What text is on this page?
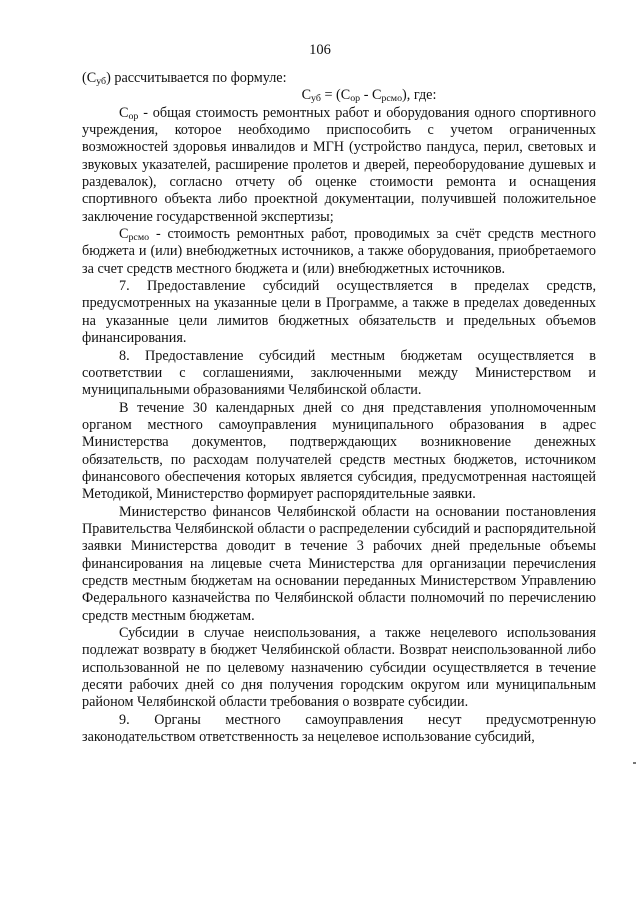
106

$(С_{уб})$ рассчитывается по формуле:

$С_{уб} = (С_{ор} - С_{рсмо})$, где:

$С_{ор}$ - общая стоимость ремонтных работ и оборудования одного спортивного учреждения, которое необходимо приспособить с учетом ограниченных возможностей здоровья инвалидов и МГН (устройство пандуса, перил, световых и звуковых указателей, расширение пролетов и дверей, переоборудование душевых и раздевалок), согласно отчету об оценке стоимости ремонта и оснащения спортивного объекта либо проектной документации, получившей положительное заключение государственной экспертизы;

$С_{рсмо}$ - стоимость ремонтных работ, проводимых за счёт средств местного бюджета и (или) внебюджетных источников, а также оборудования, приобретаемого за счет средств местного бюджета и (или) внебюджетных источников.

7. Предоставление субсидий осуществляется в пределах средств, предусмотренных на указанные цели в Программе, а также в пределах доведенных на указанные цели лимитов бюджетных обязательств и предельных объемов финансирования.

8. Предоставление субсидий местным бюджетам осуществляется в соответствии с соглашениями, заключенными между Министерством и муниципальными образованиями Челябинской области.

В течение 30 календарных дней со дня представления уполномоченным органом местного самоуправления муниципального образования в адрес Министерства документов, подтверждающих возникновение денежных обязательств, по расходам получателей средств местных бюджетов, источником финансового обеспечения которых является субсидия, предусмотренная настоящей Методикой, Министерство формирует распорядительные заявки.

Министерство финансов Челябинской области на основании постановления Правительства Челябинской области о распределении субсидий и распорядительной заявки Министерства доводит в течение 3 рабочих дней предельные объемы финансирования на лицевые счета Министерства для организации перечисления средств местным бюджетам на основании переданных Министерством Управлению Федерального казначейства по Челябинской области полномочий по перечислению средств местным бюджетам.

Субсидии в случае неиспользования, а также нецелевого использования подлежат возврату в бюджет Челябинской области. Возврат неиспользованной либо использованной не по целевому назначению субсидии осуществляется в течение десяти рабочих дней со дня получения городским округом или муниципальным районом Челябинской области требования о возврате субсидии.

9. Органы местного самоуправления несут предусмотренную законодательством ответственность за нецелевое использование субсидий,
